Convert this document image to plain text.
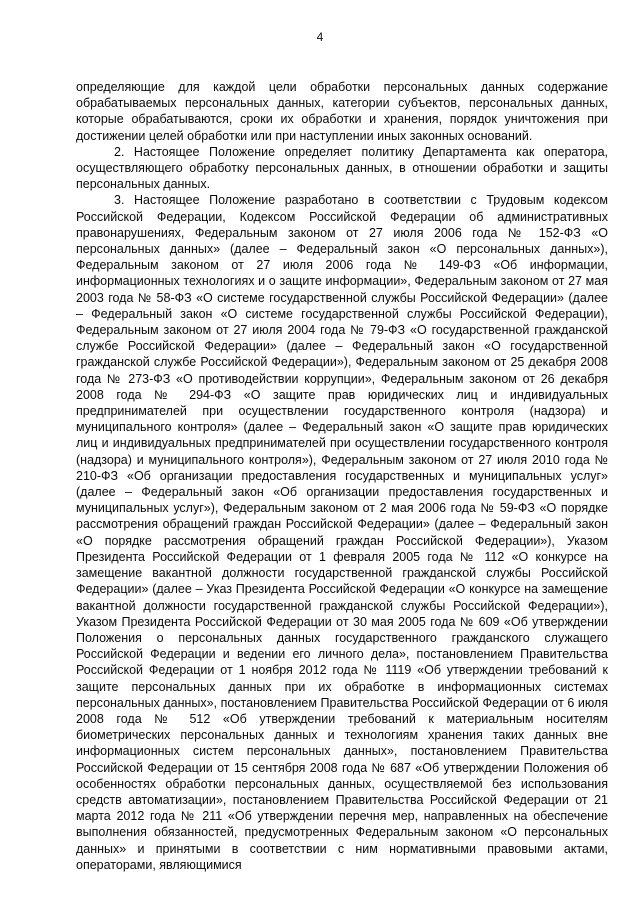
4

определяющие для каждой цели обработки персональных данных содержание обрабатываемых персональных данных, категории субъектов, персональных данных, которые обрабатываются, сроки их обработки и хранения, порядок уничтожения при достижении целей обработки или при наступлении иных законных оснований.

2. Настоящее Положение определяет политику Департамента как оператора, осуществляющего обработку персональных данных, в отношении обработки и защиты персональных данных.

3. Настоящее Положение разработано в соответствии с Трудовым кодексом Российской Федерации, Кодексом Российской Федерации об административных правонарушениях, Федеральным законом от 27 июля 2006 года № 152-ФЗ «О персональных данных» (далее – Федеральный закон «О персональных данных»), Федеральным законом от 27 июля 2006 года № 149-ФЗ «Об информации, информационных технологиях и о защите информации», Федеральным законом от 27 мая 2003 года № 58-ФЗ «О системе государственной службы Российской Федерации» (далее – Федеральный закон «О системе государственной службы Российской Федерации), Федеральным законом от 27 июля 2004 года № 79-ФЗ «О государственной гражданской службе Российской Федерации» (далее – Федеральный закон «О государственной гражданской службе Российской Федерации»), Федеральным законом от 25 декабря 2008 года № 273-ФЗ «О противодействии коррупции», Федеральным законом от 26 декабря 2008 года № 294-ФЗ «О защите прав юридических лиц и индивидуальных предпринимателей при осуществлении государственного контроля (надзора) и муниципального контроля» (далее – Федеральный закон «О защите прав юридических лиц и индивидуальных предпринимателей при осуществлении государственного контроля (надзора) и муниципального контроля»), Федеральным законом от 27 июля 2010 года № 210-ФЗ «Об организации предоставления государственных и муниципальных услуг» (далее – Федеральный закон «Об организации предоставления государственных и муниципальных услуг»), Федеральным законом от 2 мая 2006 года № 59-ФЗ «О порядке рассмотрения обращений граждан Российской Федерации» (далее – Федеральный закон «О порядке рассмотрения обращений граждан Российской Федерации»), Указом Президента Российской Федерации от 1 февраля 2005 года № 112 «О конкурсе на замещение вакантной должности государственной гражданской службы Российской Федерации» (далее – Указ Президента Российской Федерации «О конкурсе на замещение вакантной должности государственной гражданской службы Российской Федерации»), Указом Президента Российской Федерации от 30 мая 2005 года № 609 «Об утверждении Положения о персональных данных государственного гражданского служащего Российской Федерации и ведении его личного дела», постановлением Правительства Российской Федерации от 1 ноября 2012 года № 1119 «Об утверждении требований к защите персональных данных при их обработке в информационных системах персональных данных», постановлением Правительства Российской Федерации от 6 июля 2008 года № 512 «Об утверждении требований к материальным носителям биометрических персональных данных и технологиям хранения таких данных вне информационных систем персональных данных», постановлением Правительства Российской Федерации от 15 сентября 2008 года № 687 «Об утверждении Положения об особенностях обработки персональных данных, осуществляемой без использования средств автоматизации», постановлением Правительства Российской Федерации от 21 марта 2012 года № 211 «Об утверждении перечня мер, направленных на обеспечение выполнения обязанностей, предусмотренных Федеральным законом «О персональных данных» и принятыми в соответствии с ним нормативными правовыми актами, операторами, являющимися
